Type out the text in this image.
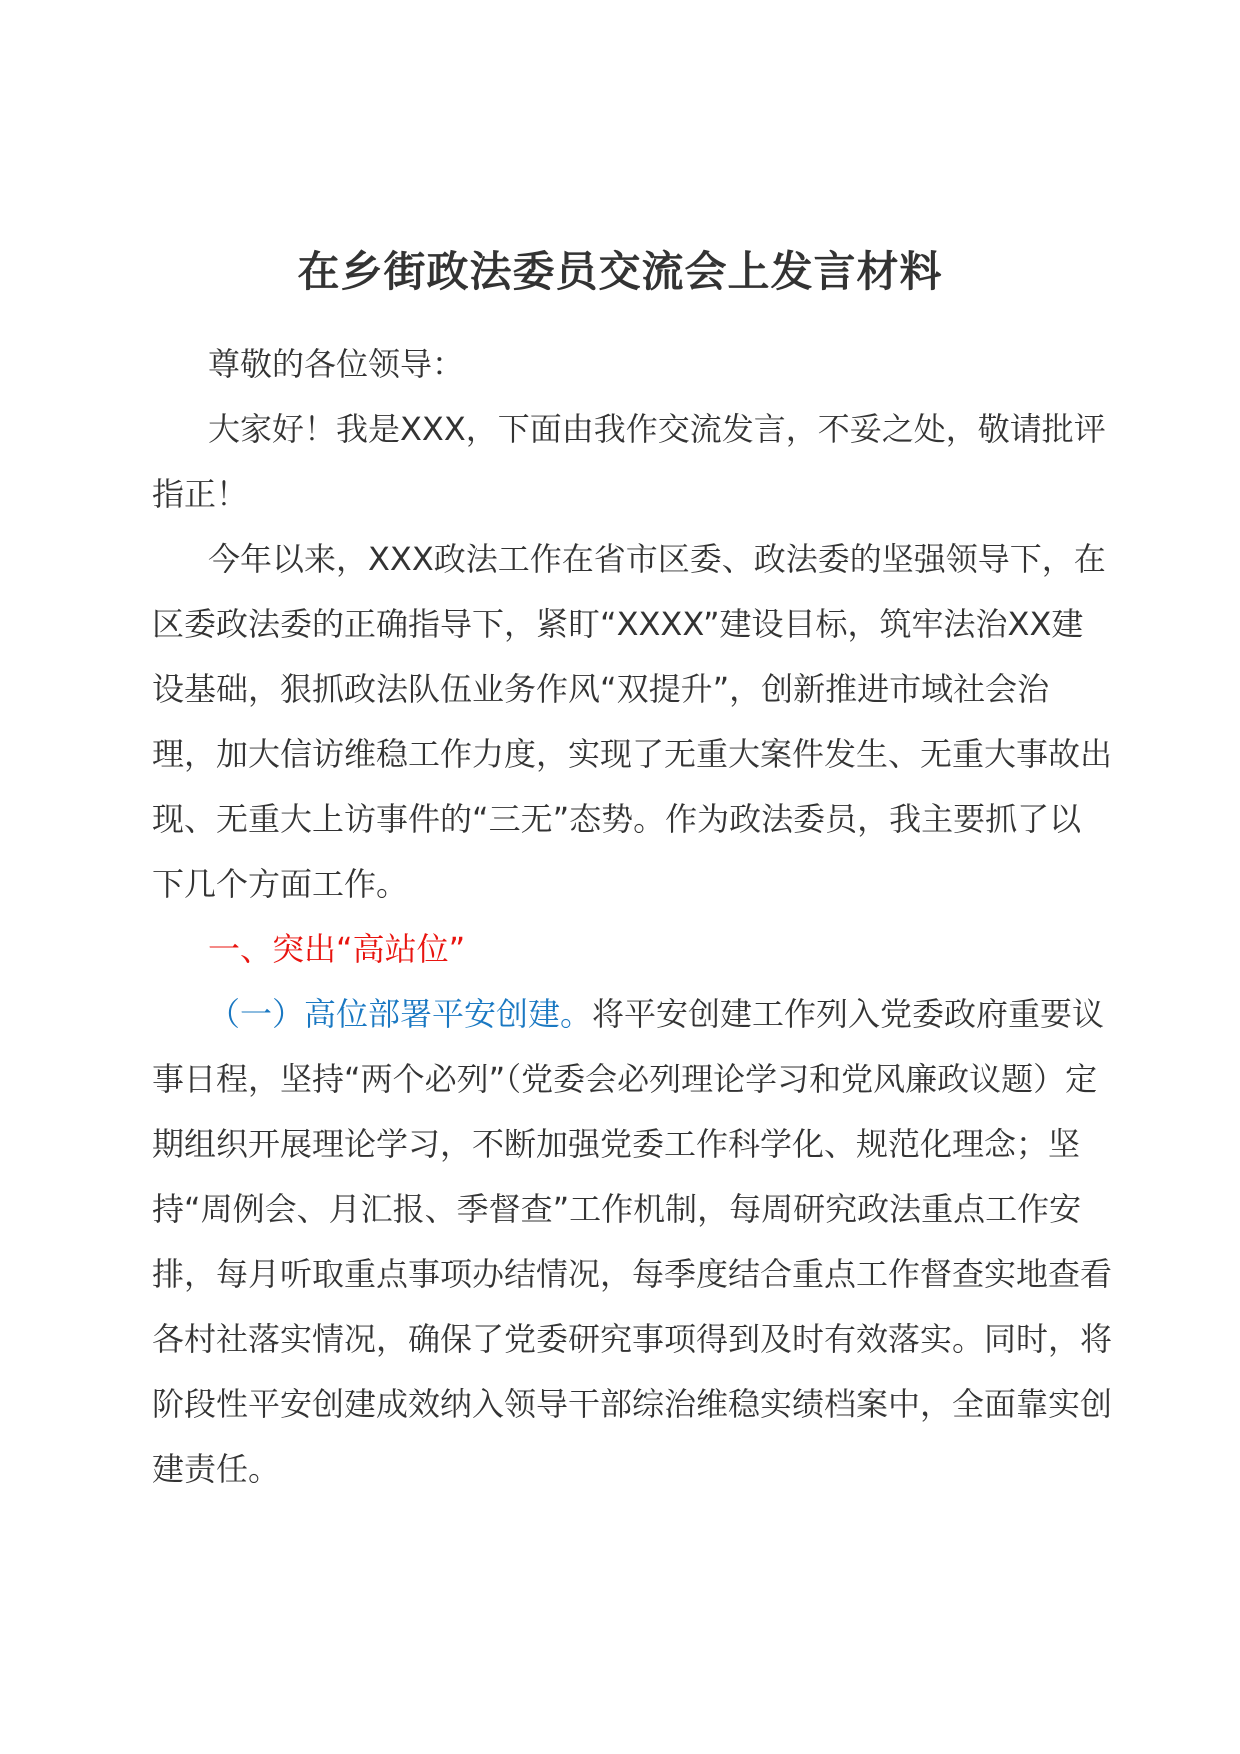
在乡街政法委员交流会上发言材料

尊敬的各位领导：

大家好！我是XXX，下面由我作交流发言，不妥之处，敬请批评指正！

今年以来，XXX政法工作在省市区委、政法委的坚强领导下，在区委政法委的正确指导下，紧盯“XXXX”建设目标，筑牢法治XX建设基础，狠抓政法队伍业务作风“双提升”，创新推进市域社会治理，加大信访维稳工作力度，实现了无重大案件发生、无重大事故出现、无重大上访事件的“三无”态势。作为政法委员，我主要抓了以下几个方面工作。

一、突出“高站位”

（一）高位部署平安创建。将平安创建工作列入党委政府重要议事日程，坚持“两个必列”（党委会必列理论学习和党风廉政议题）定期组织开展理论学习，不断加强党委工作科学化、规范化理念；坚持“周例会、月汇报、季督查”工作机制，每周研究政法重点工作安排，每月听取重点事项办结情况，每季度结合重点工作督查实地查看各村社落实情况，确保了党委研究事项得到及时有效落实。同时，将阶段性平安创建成效纳入领导干部综治维稳实绩档案中，全面靠实创建责任。
